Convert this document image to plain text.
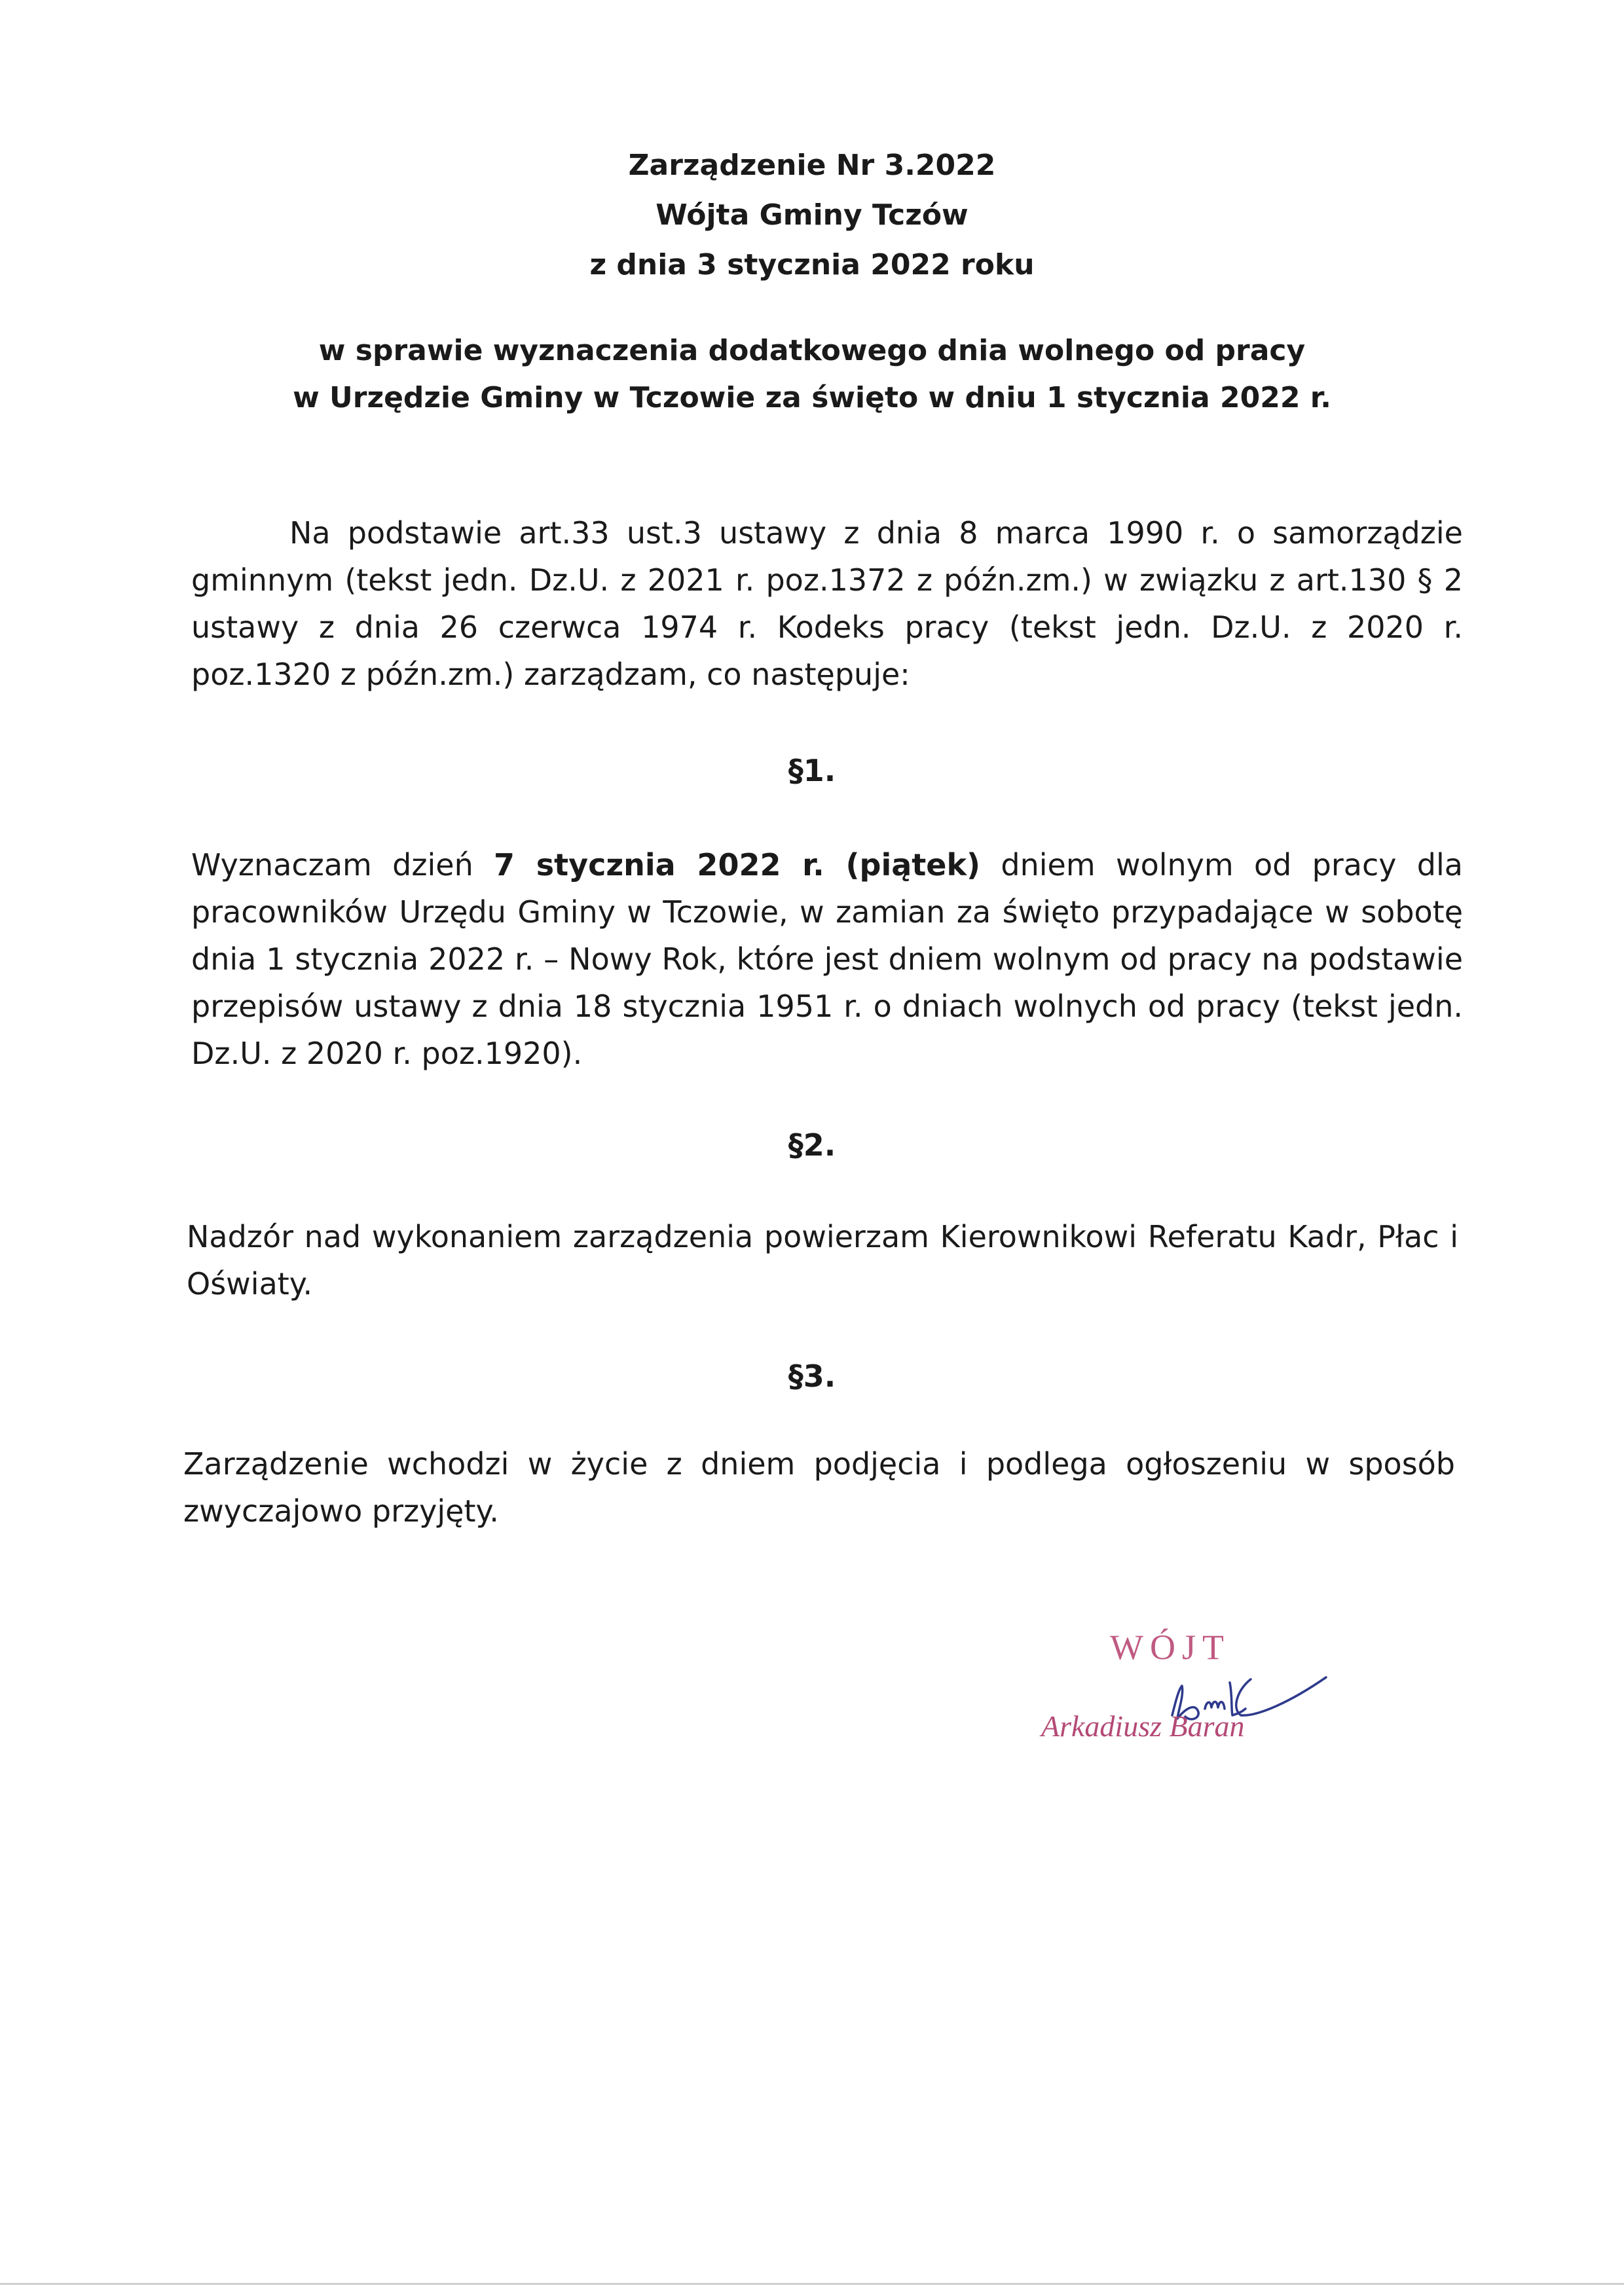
Zarządzenie Nr 3.2022
Wójta Gminy Tczów
z dnia 3 stycznia 2022 roku
w sprawie wyznaczenia dodatkowego dnia wolnego od pracy
w Urzędzie Gminy w Tczowie za święto w dniu 1 stycznia 2022 r.
Na podstawie art.33 ust.3 ustawy z dnia 8 marca 1990 r. o samorządzie gminnym (tekst jedn. Dz.U. z 2021 r. poz.1372 z późn.zm.) w związku z art.130 § 2 ustawy z dnia 26 czerwca 1974 r. Kodeks pracy (tekst jedn. Dz.U. z 2020 r. poz.1320 z późn.zm.) zarządzam, co następuje:
§1.
Wyznaczam dzień 7 stycznia 2022 r. (piątek) dniem wolnym od pracy dla pracowników Urzędu Gminy w Tczowie, w zamian za święto przypadające w sobotę dnia 1 stycznia 2022 r. – Nowy Rok, które jest dniem wolnym od pracy na podstawie przepisów ustawy z dnia 18 stycznia 1951 r. o dniach wolnych od pracy (tekst jedn. Dz.U. z 2020 r. poz.1920).
§2.
Nadzór nad wykonaniem zarządzenia powierzam Kierownikowi Referatu Kadr, Płac i Oświaty.
§3.
Zarządzenie wchodzi w życie z dniem podjęcia i podlega ogłoszeniu w sposób zwyczajowo przyjęty.
WÓJT
Arkadiusz Baran
